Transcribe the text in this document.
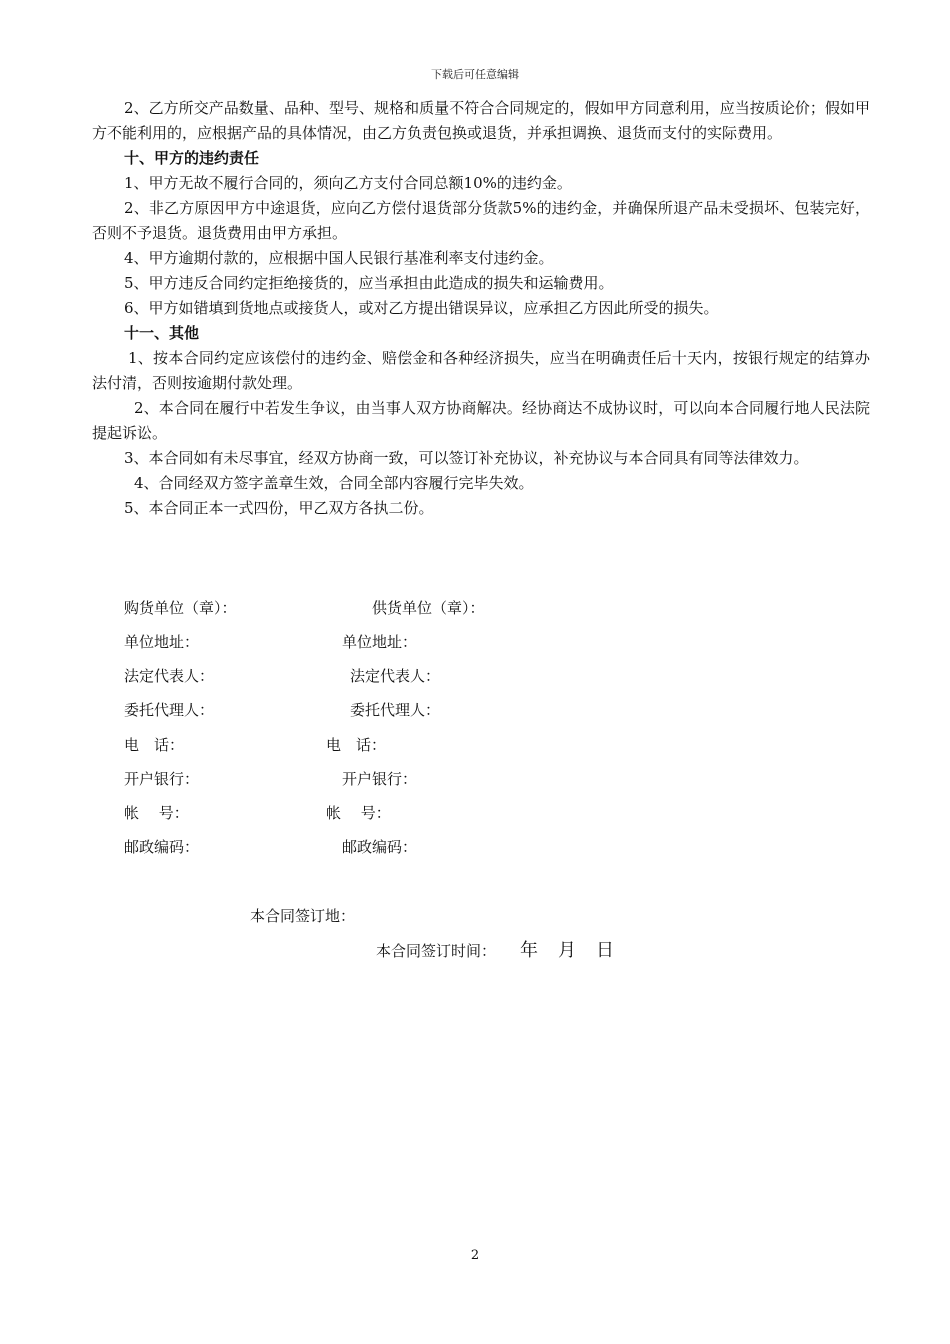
下载后可任意编辑

2、乙方所交产品数量、品种、型号、规格和质量不符合合同规定的，假如甲方同意利用，应当按质论价；假如甲方不能利用的，应根据产品的具体情况，由乙方负责包换或退货，并承担调换、退货而支付的实际费用。

十、甲方的违约责任

1、甲方无故不履行合同的，须向乙方支付合同总额10%的违约金。

2、非乙方原因甲方中途退货，应向乙方偿付退货部分货款5%的违约金，并确保所退产品未受损坏、包装完好，否则不予退货。退货费用由甲方承担。

4、甲方逾期付款的，应根据中国人民银行基准利率支付违约金。

5、甲方违反合同约定拒绝接货的，应当承担由此造成的损失和运输费用。

6、甲方如错填到货地点或接货人，或对乙方提出错误异议，应承担乙方因此所受的损失。

十一、其他

1、按本合同约定应该偿付的违约金、赔偿金和各种经济损失，应当在明确责任后十天内，按银行规定的结算办法付清，否则按逾期付款处理。

2、本合同在履行中若发生争议，由当事人双方协商解决。经协商达不成协议时，可以向本合同履行地人民法院提起诉讼。

3、本合同如有未尽事宜，经双方协商一致，可以签订补充协议，补充协议与本合同具有同等法律效力。

4、合同经双方签字盖章生效，合同全部内容履行完毕失效。

5、本合同正本一式四份，甲乙双方各执二份。

购货单位（章）：	供货单位（章）：
单位地址：	单位地址：
法定代表人：	法定代表人：
委托代理人：	委托代理人：
电　话：	电　话：
开户银行：	开户银行：
帐　 号：	帐　 号：
邮政编码：	邮政编码：
本合同签订地：
本合同签订时间： 年　月　日
2
